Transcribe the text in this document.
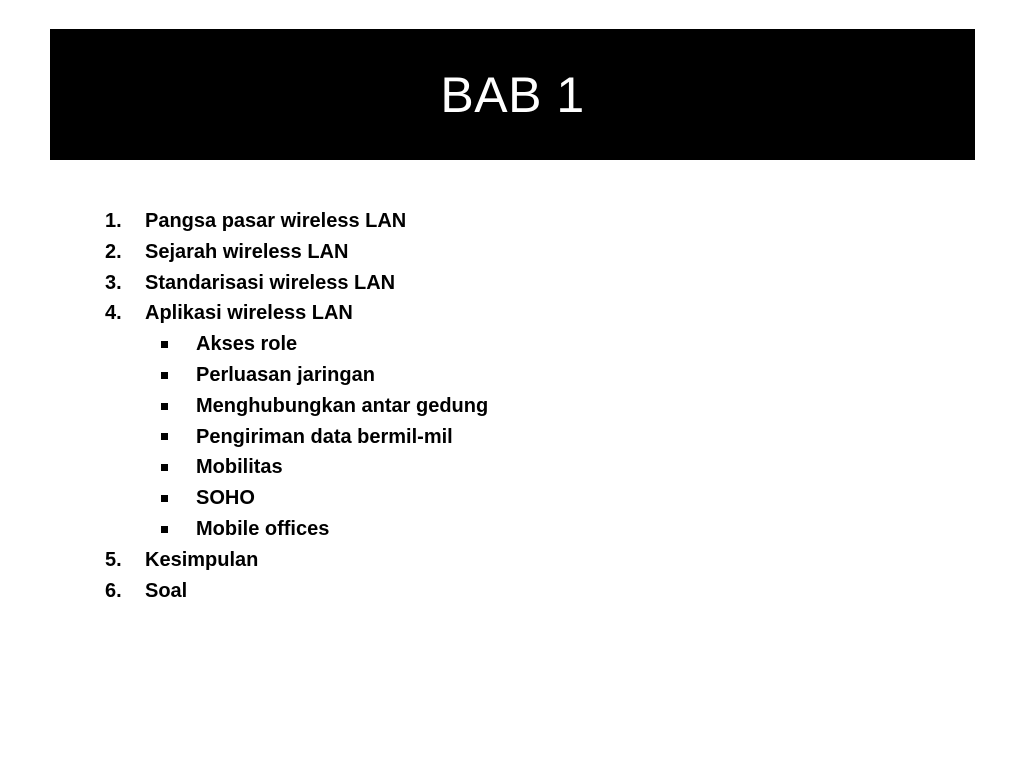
BAB 1
1.	Pangsa pasar wireless LAN
2.	Sejarah wireless LAN
3.	Standarisasi wireless LAN
4.	Aplikasi wireless LAN
Akses role
Perluasan jaringan
Menghubungkan antar gedung
Pengiriman data bermil-mil
Mobilitas
SOHO
Mobile offices
5.	Kesimpulan
6.	Soal
